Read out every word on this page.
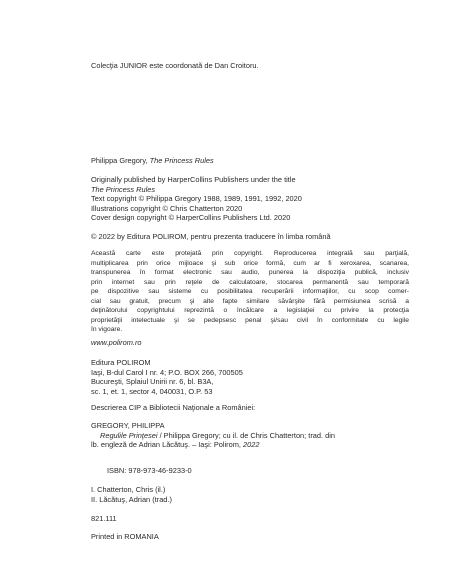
Colecţia JUNIOR este coordonată de Dan Croitoru.

Philippa Gregory, The Princess Rules

Originally published by HarperCollins Publishers under the title
The Princess Rules
Text copyright © Philippa Gregory 1988, 1989, 1991, 1992, 2020
Illustrations copyright © Chris Chatterton 2020
Cover design copyright © HarperCollins Publishers Ltd. 2020

© 2022 by Editura POLIROM, pentru prezenta traducere în limba română

Această carte este protejată prin copyright. Reproducerea integrală sau parţială,
multiplicarea prin orice mijloace şi sub orice formă, cum ar fi xeroxarea, scanarea,
transpunerea în format electronic sau audio, punerea la dispoziţia publică, inclusiv
prin internet sau prin reţele de calculatoare, stocarea permanentă sau temporară
pe dispozitive sau sisteme cu posibilitatea recuperării informaţiilor, cu scop comer-
cial sau gratuit, precum şi alte fapte similare săvârşite fără permisiunea scrisă a
deţinătorului copyrightului reprezintă o încălcare a legislaţiei cu privire la protecţia
proprietăţii intelectuale şi se pedepsesc penal şi/sau civil în conformitate cu legile
în vigoare.

www.polirom.ro

Editura POLIROM
Iaşi, B-dul Carol I nr. 4; P.O. BOX 266, 700505
Bucureşti, Splaiul Unirii nr. 6, bl. B3A,
sc. 1, et. 1, sector 4, 040031, O.P. 53

Descrierea CIP a Bibliotecii Naţionale a României:

GREGORY, PHILIPPA
Regulile Prinţesei / Philippa Gregory; cu il. de Chris Chatterton; trad. din
lb. engleză de Adrian Lăcătuş. – Iaşi: Polirom, 2022

ISBN: 978-973-46-9233-0

I. Chatterton, Chris (il.)
II. Lăcătuş, Adrian (trad.)

821.111

Printed in ROMANIA
